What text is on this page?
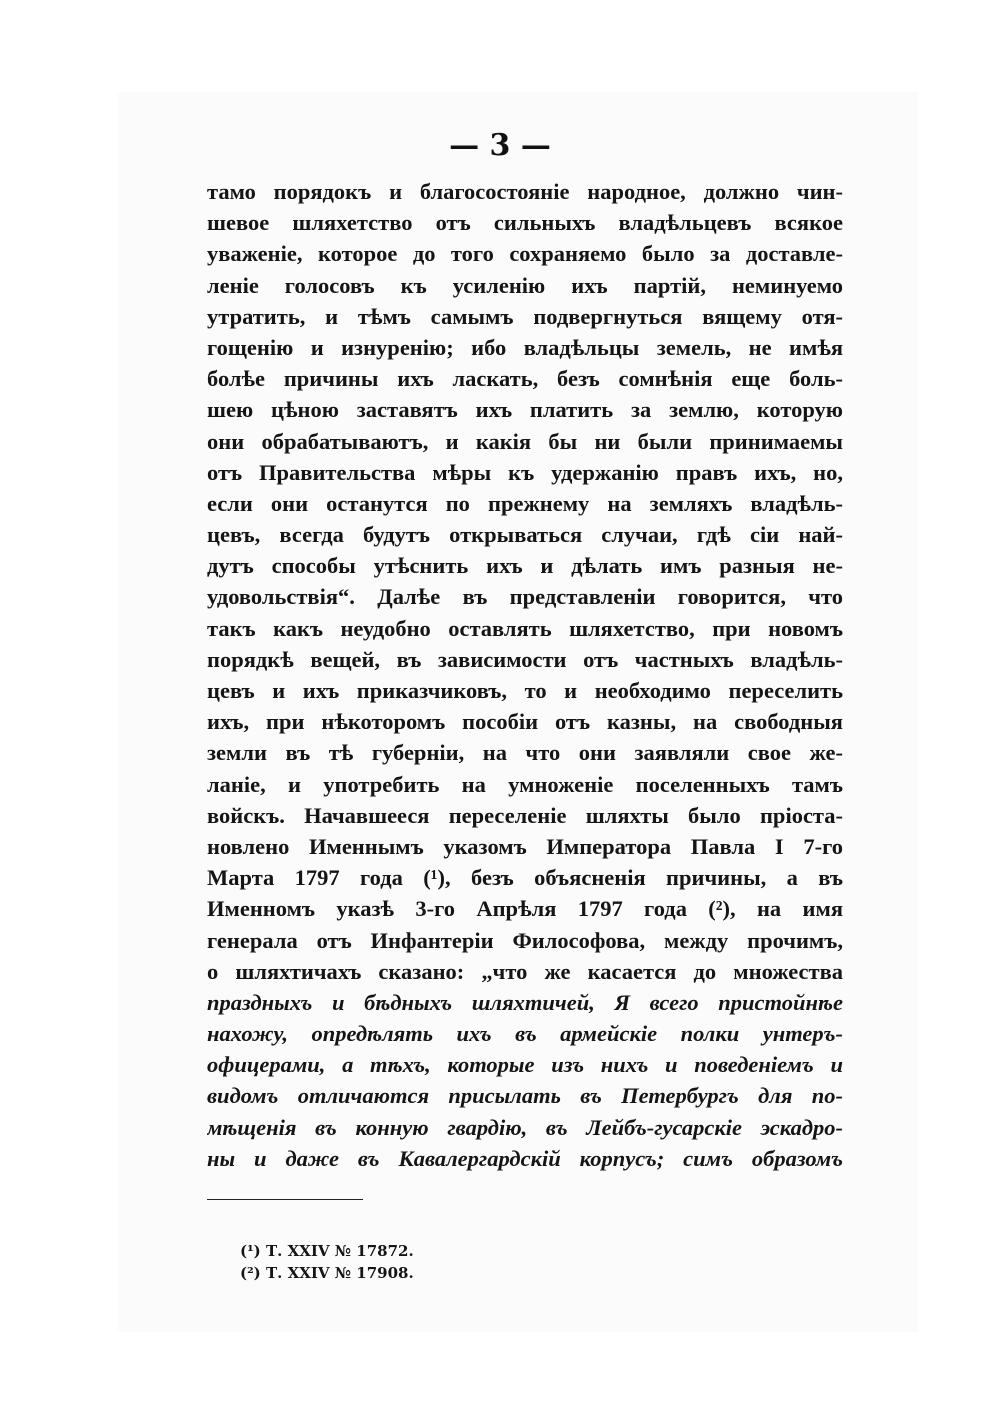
— 3 —
тамо порядокъ и благосостояніе народное, должно чин-
шевое шляхетство отъ сильныхъ владѣльцевъ всякое
уваженіе, которое до того сохраняемо было за доставле-
леніе голосовъ къ усиленію ихъ партій, неминуемо
утратить, и тѣмъ самымъ подвергнуться вящему отя-
гощенію и изнуренію; ибо владѣльцы земель, не имѣя
болѣе причины ихъ ласкать, безъ сомнѣнія еще боль-
шею цѣною заставятъ ихъ платить за землю, которую
они обрабатываютъ, и какія бы ни были принимаемы
отъ Правительства мѣры къ удержанію правъ ихъ, но,
если они останутся по прежнему на земляхъ владѣль-
цевъ, всегда будутъ открываться случаи, гдѣ сіи най-
дутъ способы утѣснить ихъ и дѣлать имъ разныя не-
удовольствія“. Далѣе въ представленіи говорится, что
такъ какъ неудобно оставлять шляхетство, при новомъ
порядкѣ вещей, въ зависимости отъ частныхъ владѣль-
цевъ и ихъ приказчиковъ, то и необходимо переселить
ихъ, при нѣкоторомъ пособіи отъ казны, на свободныя
земли въ тѣ губерніи, на что они заявляли свое же-
ланіе, и употребить на умноженіе поселенныхъ тамъ
войскъ. Начавшееся переселеніе шляхты было пріоста-
новлено Именнымъ указомъ Императора Павла I 7-го
Марта 1797 года (¹), безъ объясненія причины, а въ
Именномъ указѣ 3-го Апрѣля 1797 года (²), на имя
генерала отъ Инфантеріи Философова, между прочимъ,
о шляхтичахъ сказано: „что же касается до множества
праздныхъ и бѣдныхъ шляхтичей, Я всего пристойнѣе
нахожу, опредѣлять ихъ въ армейскіе полки унтеръ-
офицерами, а тѣхъ, которые изъ нихъ и поведеніемъ и
видомъ отличаются присылать въ Петербургъ для по-
мѣщенія въ конную гвардію, въ Лейбъ-гусарскіе эскадро-
ны и даже въ Кавалергардскій корпусъ; симъ образомъ
(¹) Т. XXIV № 17872.
(²) Т. XXIV № 17908.
